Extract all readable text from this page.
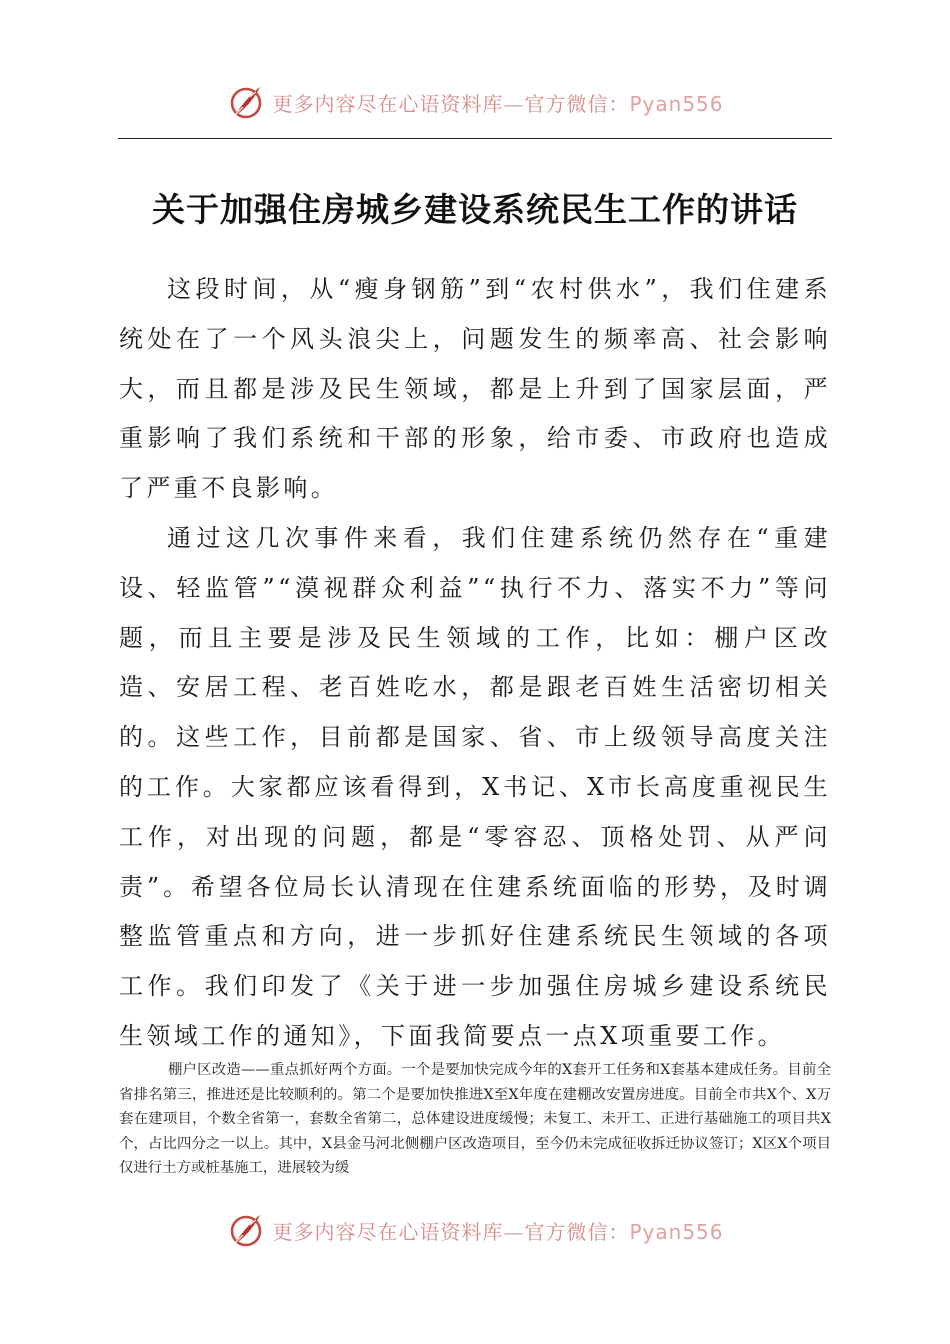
更多内容尽在心语资料库—官方微信：Pyan556
关于加强住房城乡建设系统民生工作的讲话

这段时间，从“瘦身钢筋”到“农村供水”，我们住建系统处在了一个风头浪尖上，问题发生的频率高、社会影响大，而且都是涉及民生领域，都是上升到了国家层面，严重影响了我们系统和干部的形象，给市委、市政府也造成了严重不良影响。

通过这几次事件来看，我们住建系统仍然存在“重建设、轻监管”“漠视群众利益”“执行不力、落实不力”等问题，而且主要是涉及民生领域的工作，比如：棚户区改造、安居工程、老百姓吃水，都是跟老百姓生活密切相关的。这些工作，目前都是国家、省、市上级领导高度关注的工作。大家都应该看得到，X书记、X市长高度重视民生工作，对出现的问题，都是“零容忍、顶格处罚、从严问责”。希望各位局长认清现在住建系统面临的形势，及时调整监管重点和方向，进一步抓好住建系统民生领域的各项工作。我们印发了《关于进一步加强住房城乡建设系统民生领域工作的通知》，下面我简要点一点X项重要工作。

棚户区改造——重点抓好两个方面。一个是要加快完成今年的X套开工任务和X套基本建成任务。目前全省排名第三，推进还是比较顺利的。第二个是要加快推进X至X年度在建棚改安置房进度。目前全市共X个、X万套在建项目，个数全省第一，套数全省第二，总体建设进度缓慢；未复工、未开工、正进行基础施工的项目共X个，占比四分之一以上。其中，X县金马河北侧棚户区改造项目，至今仍未完成征收拆迁协议签订；X区X个项目仅进行土方或桩基施工，进展较为缓

更多内容尽在心语资料库—官方微信：Pyan556
